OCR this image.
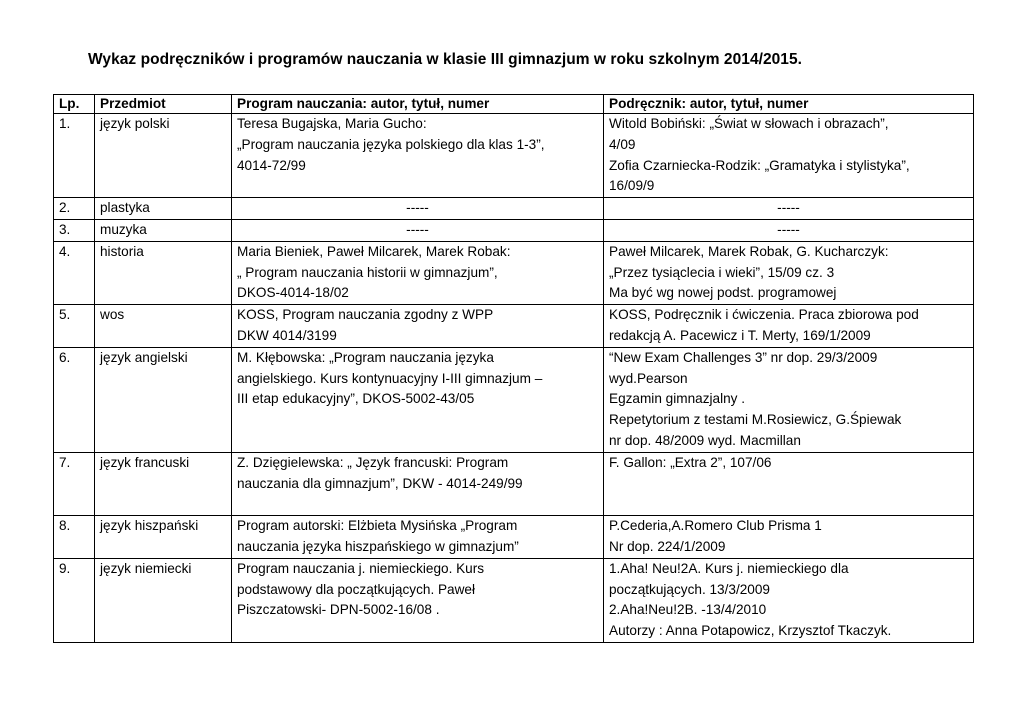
Wykaz podręczników i programów nauczania w klasie III gimnazjum w roku szkolnym 2014/2015.
Lp.	Przedmiot	Program nauczania: autor, tytuł, numer	Podręcznik: autor, tytuł, numer
1.	język polski	Teresa Bugajska, Maria Gucho:
„Program nauczania języka polskiego dla klas 1-3”,
4014-72/99	Witold Bobiński: „Świat w słowach i obrazach”,
4/09
Zofia Czarniecka-Rodzik: „Gramatyka i stylistyka”,
16/09/9

2.	plastyka	-----	-----

3.	muzyka	-----	-----

4.	historia	Maria Bieniek, Paweł Milcarek, Marek Robak:
„ Program nauczania historii w gimnazjum”,
DKOS-4014-18/02	Paweł Milcarek, Marek Robak, G. Kucharczyk:
„Przez tysiąclecia i wieki”, 15/09 cz. 3
Ma być wg nowej podst. programowej

5.	wos	KOSS, Program nauczania zgodny z WPP
DKW 4014/3199	KOSS, Podręcznik i ćwiczenia. Praca zbiorowa pod
redakcją A. Pacewicz i T. Merty, 169/1/2009

6.	język angielski	M. Kłębowska: „Program nauczania języka
angielskiego. Kurs kontynuacyjny I-III gimnazjum –
III etap edukacyjny”, DKOS-5002-43/05	“New Exam Challenges 3” nr dop. 29/3/2009
wyd.Pearson
Egzamin gimnazjalny .
Repetytorium z testami M.Rosiewicz, G.Śpiewak
nr dop. 48/2009 wyd. Macmillan

7.	język francuski	Z. Dzięgielewska: „ Język francuski: Program
nauczania dla gimnazjum”, DKW - 4014-249/99	F. Gallon: „Extra 2”, 107/06

8.	język hiszpański	Program autorski: Elżbieta Mysińska „Program
nauczania języka hiszpańskiego w gimnazjum”	P.Cederia,A.Romero Club Prisma 1
Nr dop. 224/1/2009

9.	język niemiecki	Program nauczania j. niemieckiego. Kurs
podstawowy dla początkujących. Paweł
Piszczatowski- DPN-5002-16/08 .	1.Aha! Neu!2A. Kurs j. niemieckiego dla
początkujących. 13/3/2009
2.Aha!Neu!2B. -13/4/2010
Autorzy : Anna Potapowicz, Krzysztof Tkaczyk.
